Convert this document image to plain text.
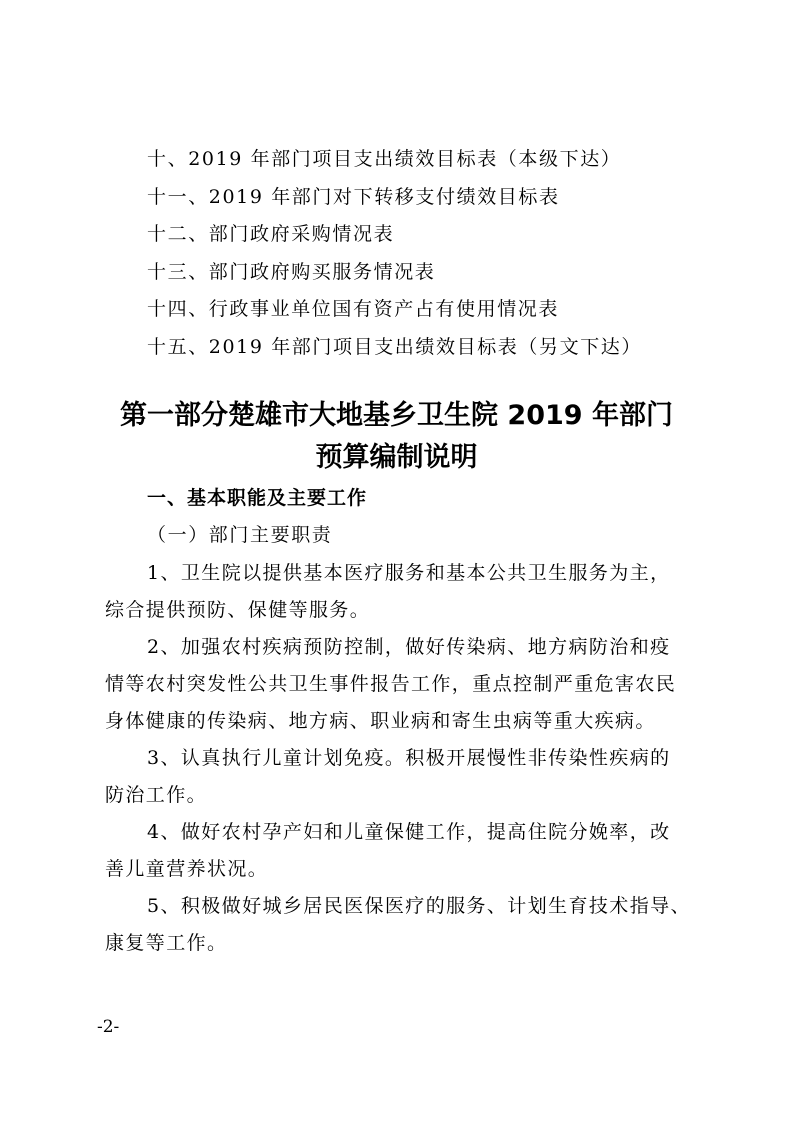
十、2019 年部门项目支出绩效目标表（本级下达）
十一、2019 年部门对下转移支付绩效目标表
十二、部门政府采购情况表
十三、部门政府购买服务情况表
十四、行政事业单位国有资产占有使用情况表
十五、2019 年部门项目支出绩效目标表（另文下达）
第一部分楚雄市大地基乡卫生院 2019 年部门
预算编制说明
一、基本职能及主要工作
（一）部门主要职责
1、卫生院以提供基本医疗服务和基本公共卫生服务为主，
综合提供预防、保健等服务。
2、加强农村疾病预防控制，做好传染病、地方病防治和疫
情等农村突发性公共卫生事件报告工作，重点控制严重危害农民
身体健康的传染病、地方病、职业病和寄生虫病等重大疾病。
3、认真执行儿童计划免疫。积极开展慢性非传染性疾病的
防治工作。
4、做好农村孕产妇和儿童保健工作，提高住院分娩率，改
善儿童营养状况。
5、积极做好城乡居民医保医疗的服务、计划生育技术指导、
康复等工作。
-2-
